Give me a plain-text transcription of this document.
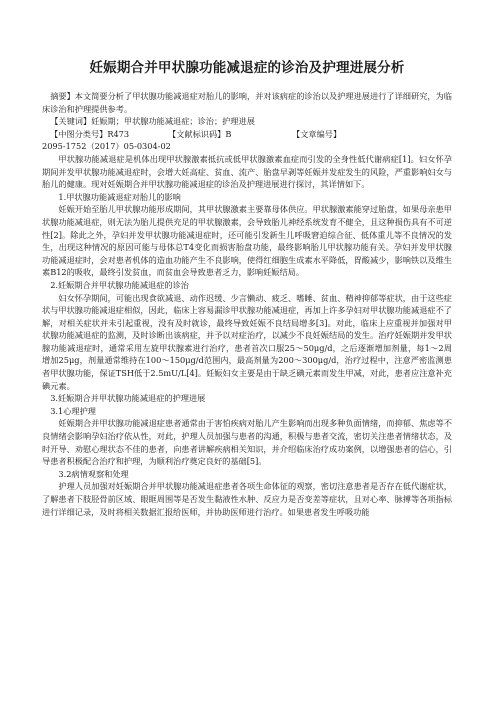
妊娠期合并甲状腺功能减退症的诊治及护理进展分析

摘要】本文简要分析了甲状腺功能减退症对胎儿的影响，并对该病症的诊治以及护理进展进行了详细研究，为临床诊治和护理提供参考。

【关键词】妊娠期；甲状腺功能减退症；诊治；护理进展

【中图分类号】R473	【文献标识码】B	【文章编号】

2095-1752（2017）05-0304-02

甲状腺功能减退症是机体出现甲状腺激素抵抗或低甲状腺激素血症而引发的全身性低代谢病症[1]。妇女怀孕期间并发甲状腺功能减退症时，会增大妊高症、贫血、流产、胎盘早剥等妊娠并发症发生的风险，严重影响妇女与胎儿的健康。现对妊娠期合并甲状腺功能减退症的诊治及护理进展进行探讨，其详情如下。

1.甲状腺功能减退症对胎儿的影响

妊娠开始至胎儿甲状腺功能形成期间，其甲状腺激素主要靠母体供应。甲状腺激素能穿过胎盘，如果母亲患甲状腺功能减退症，则无法为胎儿提供充足的甲状腺激素，会导致胎儿神经系统发育不健全，且这种损伤具有不可逆性[2]。除此之外，孕妇并发甲状腺功能减退症时，还可能引发新生儿呼吸窘迫综合征、低体重儿等不良情况的发生，出现这种情况的原因可能与母体总T4变化而损害胎盘功能，最终影响胎儿甲状腺功能有关。孕妇并发甲状腺功能减退症时，会对患者机体的造血功能产生不良影响，使得红细胞生成素水平降低，胃酸减少，影响铁以及维生素B12的吸收，最终引发贫血，而贫血会导致患者乏力，影响妊娠结局。

2.妊娠期合并甲状腺功能减退症的诊治

妇女怀孕期间，可能出现食欲减退、动作迟缓、少言懒动、疲乏、嗜睡、贫血、精神抑郁等症状，由于这些症状与甲状腺功能减退症相似，因此，临床上容易漏诊甲状腺功能减退症，再加上许多孕妇对甲状腺功能减退症不了解，对相关症状并未引起重视，没有及时就诊，最终导致妊娠不良结局增多[3]。对此，临床上应重视并加强对甲状腺功能减退症的监测，及时诊断出该病症，并予以对症治疗，以减少不良妊娠结局的发生。治疗妊娠期并发甲状腺功能减退症时，通常采用左旋甲状腺素进行治疗，患者首次口服25～50μg/d，之后逐渐增加剂量，每1～2周增加25μg，剂量通常维持在100～150μg/d范围内，最高剂量为200～300μg/d，治疗过程中，注意严密监测患者甲状腺功能，保证TSH低于2.5mU/L[4]。妊娠妇女主要是由于缺乏碘元素而发生甲减，对此，患者应注意补充碘元素。

3.妊娠期合并甲状腺功能减退症的护理进展

3.1心理护理

妊娠期合并甲状腺功能减退症患者通常由于害怕疾病对胎儿产生影响而出现多种负面情绪，而抑郁、焦虑等不良情绪会影响孕妇治疗依从性，对此，护理人员加强与患者的沟通，积极与患者交流，密切关注患者情绪状态，及时开导、劝慰心理状态不佳的患者，向患者讲解疾病相关知识，并介绍临床治疗成功案例，以增强患者的信心，引导患者积极配合治疗和护理，为顺利治疗奠定良好的基础[5]。

3.2病情观察和处理

护理人员加强对妊娠期合并甲状腺功能减退症患者各项生命体征的观察，密切注意患者是否存在低代谢症状，了解患者下肢胫骨前区域、眼眶周围等是否发生黏液性水肿、反应力是否变差等症状，且对心率、脉搏等各项指标进行详细记录，及时将相关数据汇报给医师，并协助医师进行治疗。如果患者发生呼吸功能
